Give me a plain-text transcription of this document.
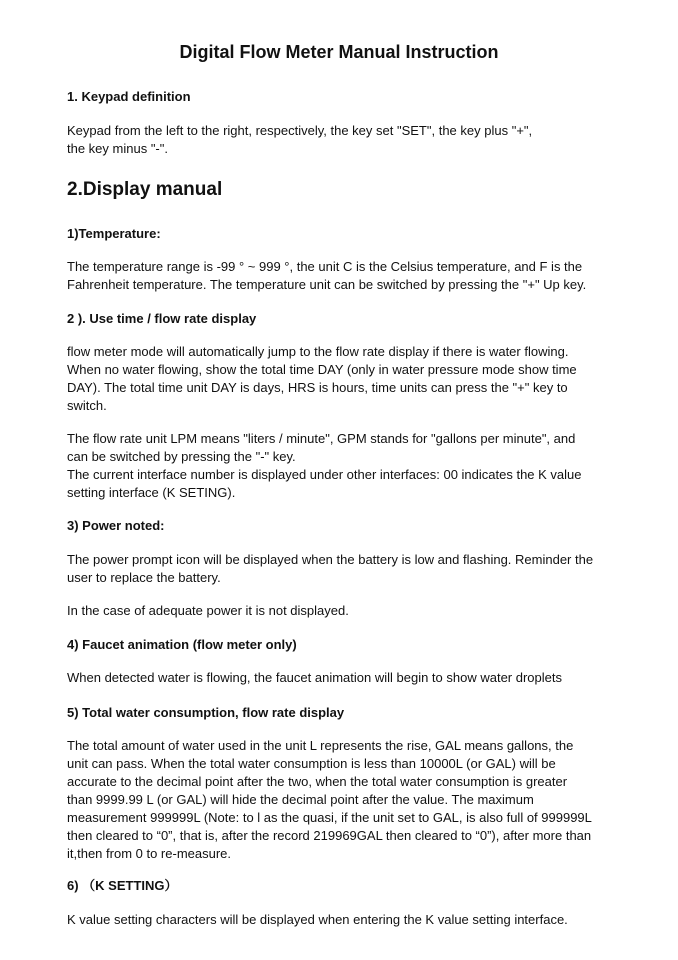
Digital Flow Meter Manual Instruction
1. Keypad definition

Keypad from the left to the right, respectively, the key set "SET", the key plus "+",
the key minus "-".

2.Display manual
1)Temperature:

The temperature range is -99 ° ~ 999 °, the unit C is the Celsius temperature, and F is the
Fahrenheit temperature. The temperature unit can be switched by pressing the "+" Up key.

2 ). Use time / flow rate display

flow meter mode will automatically jump to the flow rate display if there is water flowing.
When no water flowing, show the total time DAY (only in water pressure mode show time
DAY). The total time unit DAY is days, HRS is hours, time units can press the "+" key to
switch.

The flow rate unit LPM means "liters / minute", GPM stands for "gallons per minute", and
can be switched by pressing the "-" key.
The current interface number is displayed under other interfaces: 00 indicates the K value
setting interface (K SETING).

3) Power noted:

The power prompt icon will be displayed when the battery is low and flashing. Reminder the
user to replace the battery.

In the case of adequate power it is not displayed.

4) Faucet animation (flow meter only)

When detected water is flowing, the faucet animation will begin to show water droplets

5) Total water consumption, flow rate display

The total amount of water used in the unit L represents the rise, GAL means gallons, the
unit can pass. When the total water consumption is less than 10000L (or GAL) will be
accurate to the decimal point after the two, when the total water consumption is greater
than 9999.99 L (or GAL) will hide the decimal point after the value. The maximum
measurement 999999L (Note: to l as the quasi, if the unit set to GAL, is also full of 999999L
then cleared to “0”, that is, after the record 219969GAL then cleared to “0”), after more than
it,then from 0 to re-measure.

6) （K SETTING）

K value setting characters will be displayed when entering the K value setting interface.
